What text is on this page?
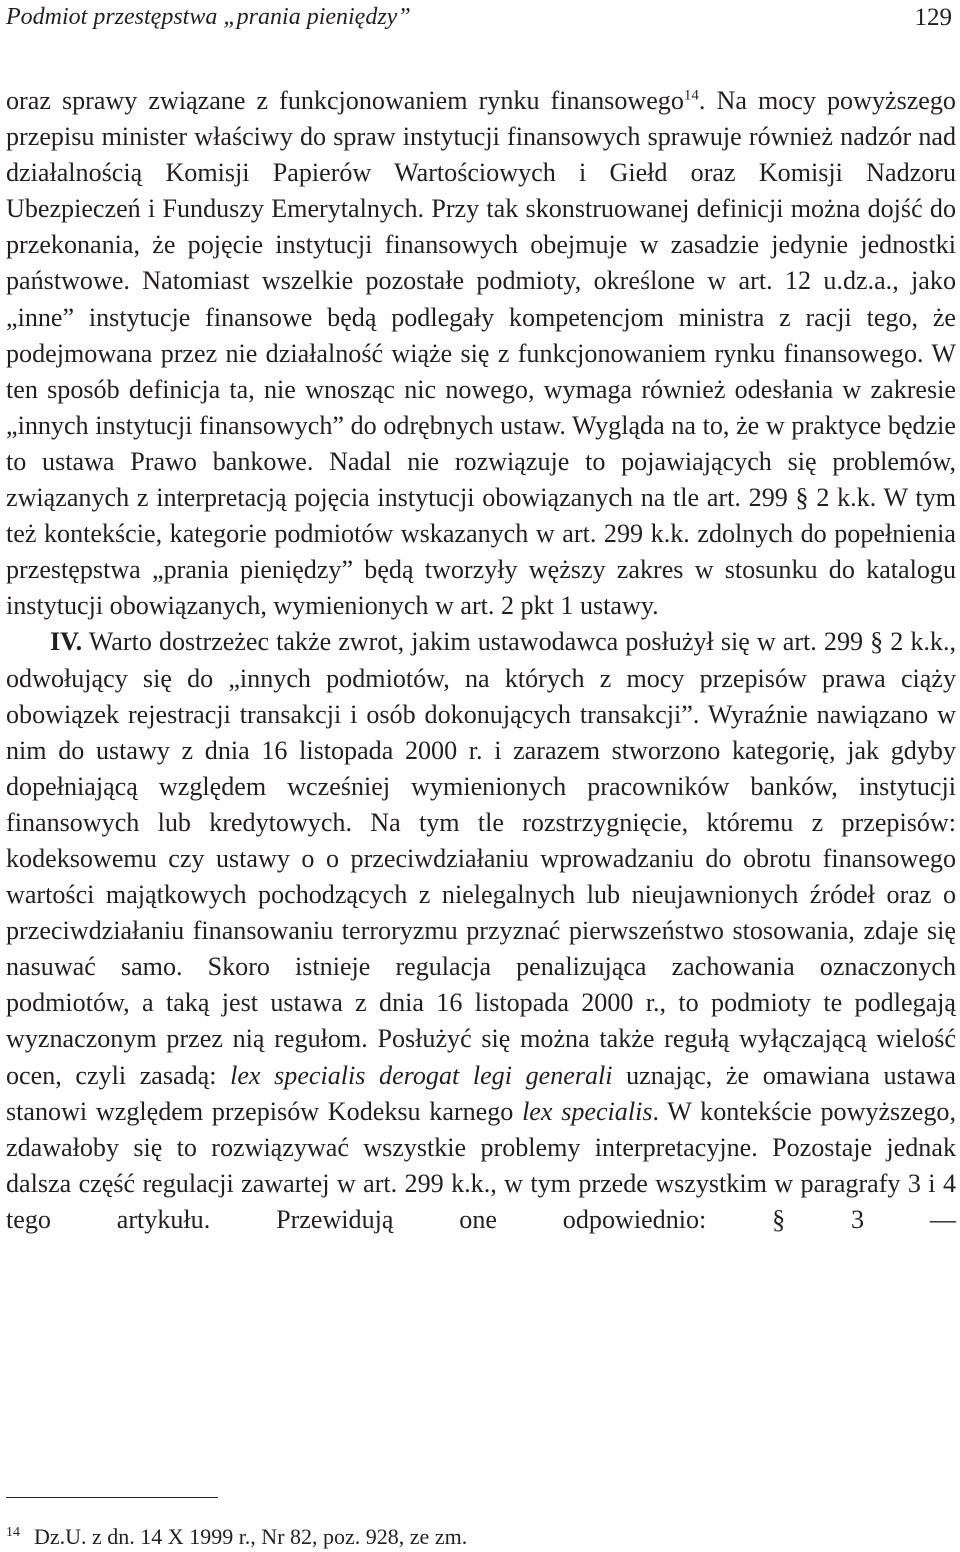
Podmiot przestępstwa „prania pieniędzy”	129

oraz sprawy związane z funkcjonowaniem rynku finansowego$^{14}$. Na mocy powyższego przepisu minister właściwy do spraw instytucji finansowych sprawuje również nadzór nad działalnością Komisji Papierów Wartościowych i Giełd oraz Komisji Nadzoru Ubezpieczeń i Funduszy Emerytalnych. Przy tak skonstruowanej definicji można dojść do przekonania, że pojęcie instytucji finansowych obejmuje w zasadzie jedynie jednostki państwowe. Natomiast wszelkie pozostałe podmioty, określone w art. 12 u.dz.a., jako „inne” instytucje finansowe będą podlegały kompetencjom ministra z racji tego, że podejmowana przez nie działalność wiąże się z funkcjonowaniem rynku finansowego. W ten sposób definicja ta, nie wnosząc nic nowego, wymaga również odesłania w zakresie „innych instytucji finansowych” do odrębnych ustaw. Wygląda na to, że w praktyce będzie to ustawa Prawo bankowe. Nadal nie rozwiązuje to pojawiających się problemów, związanych z interpretacją pojęcia instytucji obowiązanych na tle art. 299 § 2 k.k. W tym też kontekście, kategorie podmiotów wskazanych w art. 299 k.k. zdolnych do popełnienia przestępstwa „prania pieniędzy” będą tworzyły węższy zakres w stosunku do katalogu instytucji obowiązanych, wymienionych w art. 2 pkt 1 ustawy.

IV. Warto dostrzeżec także zwrot, jakim ustawodawca posłużył się w art. 299 § 2 k.k., odwołujący się do „innych podmiotów, na których z mocy przepisów prawa ciąży obowiązek rejestracji transakcji i osób dokonujących transakcji”. Wyraźnie nawiązano w nim do ustawy z dnia 16 listopada 2000 r. i zarazem stworzono kategorię, jak gdyby dopełniającą względem wcześniej wymienionych pracowników banków, instytucji finansowych lub kredytowych. Na tym tle rozstrzygnięcie, któremu z przepisów: kodeksowemu czy ustawy o o przeciwdziałaniu wprowadzaniu do obrotu finansowego wartości majątkowych pochodzących z nielegalnych lub nieujawnionych źródeł oraz o przeciwdziałaniu finansowaniu terroryzmu przyznać pierwszeństwo stosowania, zdaje się nasuwać samo. Skoro istnieje regulacja penalizująca zachowania oznaczonych podmiotów, a taką jest ustawa z dnia 16 listopada 2000 r., to podmioty te podlegają wyznaczonym przez nią regułom. Posłużyć się można także regułą wyłączającą wielość ocen, czyli zasadą: lex specialis derogat legi generali uznając, że omawiana ustawa stanowi względem przepisów Kodeksu karnego lex specialis. W kontekście powyższego, zdawałoby się to rozwiązywać wszystkie problemy interpretacyjne. Pozostaje jednak dalsza część regulacji zawartej w art. 299 k.k., w tym przede wszystkim w paragrafy 3 i 4 tego artykułu. Przewidują one odpowiednio: § 3 —

14 Dz.U. z dn. 14 X 1999 r., Nr 82, poz. 928, ze zm.
